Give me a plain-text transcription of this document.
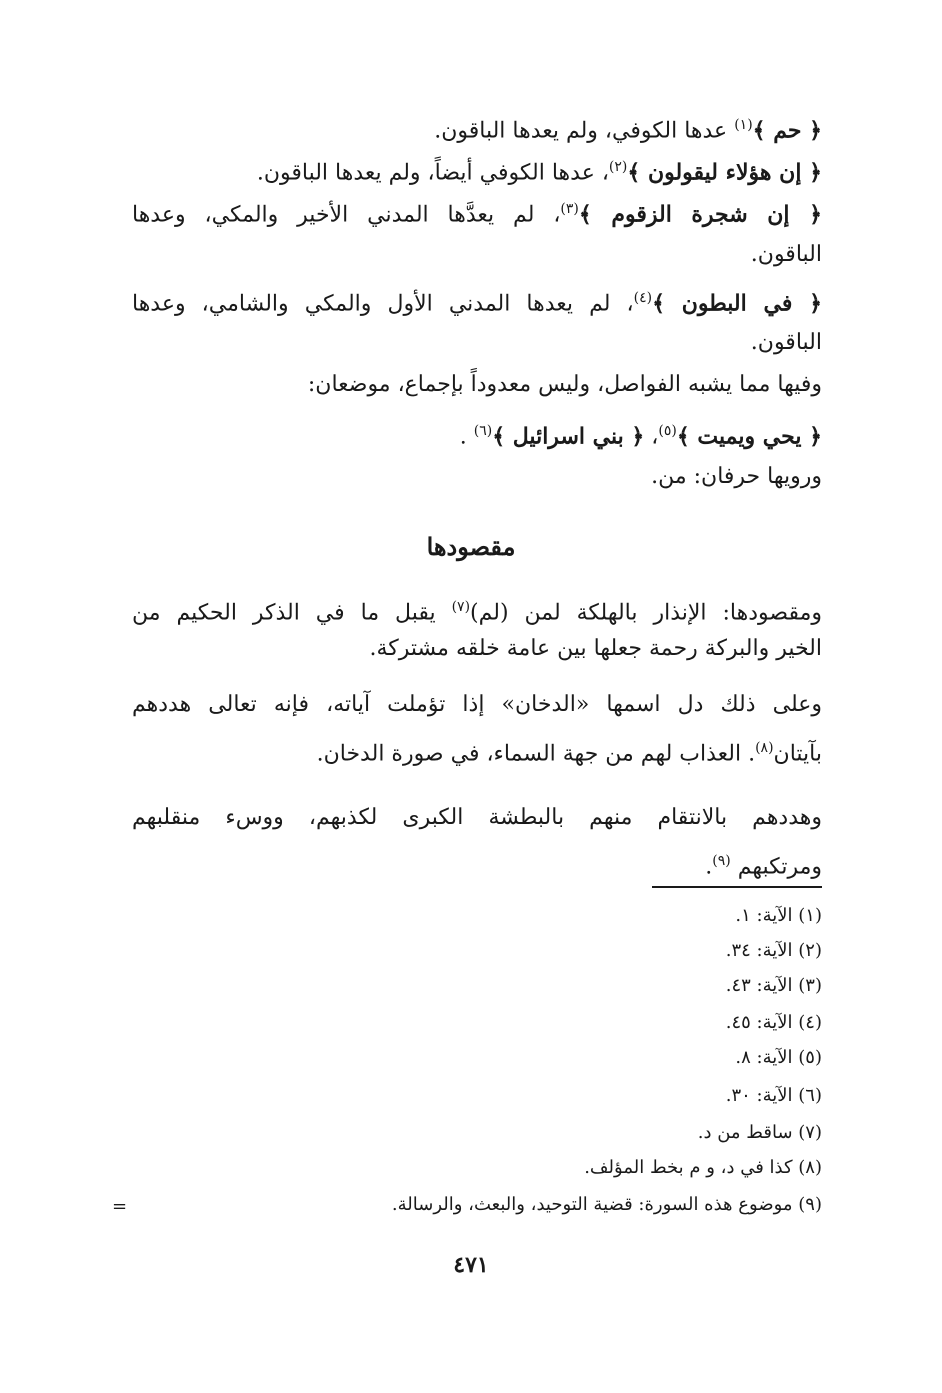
﴿ حم ﴾$^{(١)}$ عدها الكوفي، ولم يعدها الباقون.
﴿ إن هؤلاء ليقولون ﴾$^{(٢)}$، عدها الكوفي أيضاً، ولم يعدها الباقون.
﴿ إن شجرة الزقوم ﴾$^{(٣)}$، لم يعدَّها المدني الأخير والمكي، وعدها
الباقون.
﴿ في البطون ﴾$^{(٤)}$، لم يعدها المدني الأول والمكي والشامي، وعدها
الباقون.
وفيها مما يشبه الفواصل، وليس معدوداً بإجماع، موضعان:
﴿ يحي ويميت ﴾$^{(٥)}$، ﴿ بني اسرائيل ﴾$^{(٦)}$ .
ورويها حرفان: من.
مقصودها
ومقصودها: الإنذار بالهلكة لمن (لم)$^{(٧)}$ يقبل ما في الذكر الحكيم من
الخير والبركة رحمة جعلها بين عامة خلقه مشتركة.
وعلى ذلك دل اسمها «الدخان» إذا تؤملت آياته، فإنه تعالى هددهم
بآيتان$^{(٨)}$. العذاب لهم من جهة السماء، في صورة الدخان.
وهددهم بالانتقام منهم بالبطشة الكبرى لكذبهم، ووسء منقلبهم
ومرتكبهم $^{(٩)}$.
(١) الآية: ١.
(٢) الآية: ٣٤.
(٣) الآية: ٤٣.
(٤) الآية: ٤٥.
(٥) الآية: ٨.
(٦) الآية: ٣٠.
(٧) ساقط من د.
(٨) كذا في د، و م بخط المؤلف.
(٩) موضوع هذه السورة: قضية التوحيد، والبعث، والرسالة.
=
٤٧١
